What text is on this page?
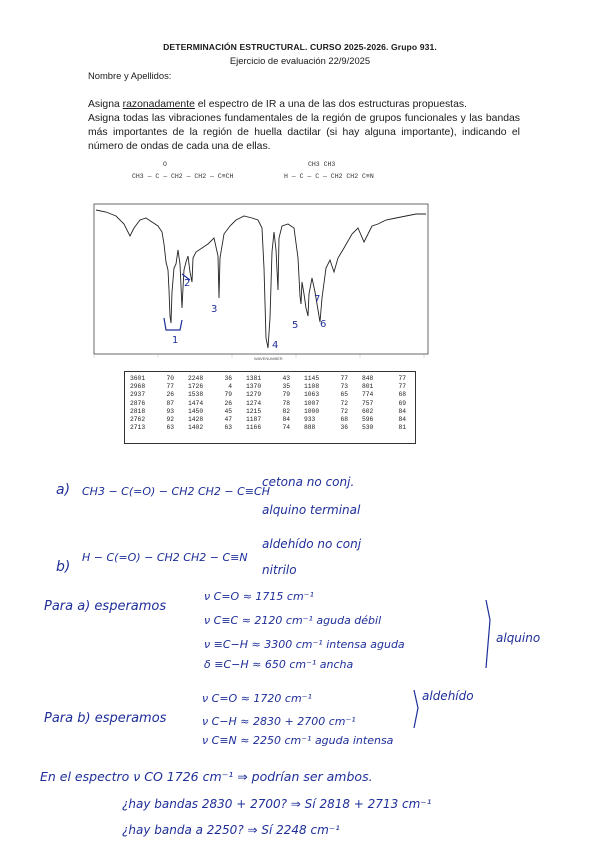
DETERMINACIÓN ESTRUCTURAL. CURSO 2025-2026. Grupo 931.
Ejercicio de evaluación 22/9/2025
Nombre y Apellidos:
Asigna razonadamente el espectro de IR a una de las dos estructuras propuestas.
Asigna todas las vibraciones fundamentales de la región de grupos funcionales y las bandas más importantes de la región de huella dactilar (si hay alguna importante), indicando el número de ondas de cada una de ellas.
O
CH3 — C — CH2 — CH2 — C≡CH
CH3 CH3
H — C — C — CH2 CH2 C≡N
WAVENUMBER
1
2
3
4
5 6
7
3601	70 2248	36 1381	43 1145	77 848	77
2968	77 1726	4 1370	35 1108	73 801	77
2937	26 1538	79 1279	79 1063	65 774	68
2876	87 1474	26 1274	78 1007	72 757	69
2818	93 1450	45 1215	82 1000	72 602	84
2762	92 1428	47 1187	84 933	68 596	84
2713	63 1402	63 1166	74 888	36 530	81
a) CH3 − C(=O) − CH2 CH2 − C≡CH
cetona no conj.
alquino terminal
b)
H − C(=O) − CH2 CH2 − C≡N
aldehído no conj
nitrilo
Para a) esperamos
ν C=O ≈ 1715 cm⁻¹
ν C≡C ≈ 2120 cm⁻¹ aguda débil
ν ≡C−H ≈ 3300 cm⁻¹ intensa aguda
δ ≡C−H ≈ 650 cm⁻¹ ancha
alquino
Para b) esperamos
ν C=O ≈ 1720 cm⁻¹
ν C−H ≈ 2830 + 2700 cm⁻¹
ν C≡N ≈ 2250 cm⁻¹ aguda intensa
aldehído
En el espectro ν CO 1726 cm⁻¹ ⇒ podrían ser ambos.
¿hay bandas 2830 + 2700? ⇒ Sí 2818 + 2713 cm⁻¹
¿hay banda a 2250? ⇒ Sí 2248 cm⁻¹
